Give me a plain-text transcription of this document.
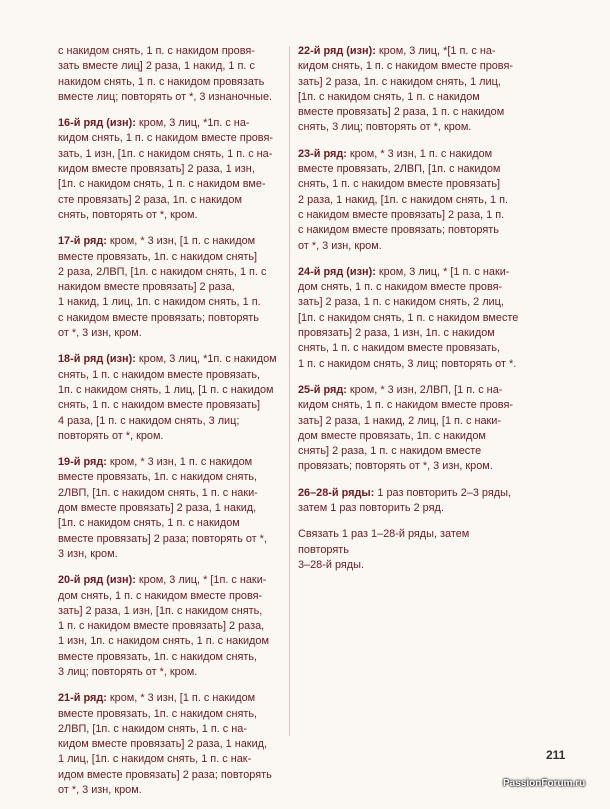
с накидом снять, 1 п. с накидом провя-
зать вместе лиц] 2 раза, 1 накид, 1 п. с
накидом снять, 1 п. с накидом провязать
вместе лиц; повторять от *, 3 изнаночные.

16-й ряд (изн): кром, 3 лиц, *1п. с на-
кидом снять, 1 п. с накидом вместе провя-
зать, 1 изн, [1п. с накидом снять, 1 п. с на-
кидом вместе провязать] 2 раза, 1 изн,
[1п. с накидом снять, 1 п. с накидом вме-
сте провязать] 2 раза, 1п. с накидом
снять, повторять от *, кром.

17-й ряд: кром, * 3 изн, [1 п. с накидом
вместе провязать, 1п. с накидом снять]
2 раза, 2ЛВП, [1п. с накидом снять, 1 п. с
накидом вместе провязать] 2 раза,
1 накид, 1 лиц, 1п. с накидом снять, 1 п.
с накидом вместе провязать; повторять
от *, 3 изн, кром.

18-й ряд (изн): кром, 3 лиц, *1п. с накидом
снять, 1 п. с накидом вместе провязать,
1п. с накидом снять, 1 лиц, [1 п. с накидом
снять, 1 п. с накидом вместе провязать]
4 раза, [1 п. с накидом снять, 3 лиц;
повторять от *, кром.

19-й ряд: кром, * 3 изн, 1 п. с накидом
вместе провязать, 1п. с накидом снять,
2ЛВП, [1п. с накидом снять, 1 п. с наки-
дом вместе провязать] 2 раза, 1 накид,
[1п. с накидом снять, 1 п. с накидом
вместе провязать] 2 раза; повторять от *,
3 изн, кром.

20-й ряд (изн): кром, 3 лиц, * [1п. с наки-
дом снять, 1 п. с накидом вместе провя-
зать] 2 раза, 1 изн, [1п. с накидом снять,
1 п. с накидом вместе провязать] 2 раза,
1 изн, 1п. с накидом снять, 1 п. с накидом
вместе провязать, 1п. с накидом снять,
3 лиц; повторять от *, кром.

21-й ряд: кром, * 3 изн, [1 п. с накидом
вместе провязать, 1п. с накидом снять,
2ЛВП, [1п. с накидом снять, 1 п. с на-
кидом вместе провязать] 2 раза, 1 накид,
1 лиц, [1п. с накидом снять, 1 п. с нак-
идом вместе провязать] 2 раза; повторять
от *, 3 изн, кром.

22-й ряд (изн): кром, 3 лиц, *[1 п. с на-
кидом снять, 1 п. с накидом вместе провя-
зать] 2 раза, 1п. с накидом снять, 1 лиц,
[1п. с накидом снять, 1 п. с накидом
вместе провязать] 2 раза, 1 п. с накидом
снять, 3 лиц; повторять от *, кром.

23-й ряд: кром, * 3 изн, 1 п. с накидом
вместе провязать, 2ЛВП, [1п. с накидом
снять, 1 п. с накидом вместе провязать]
2 раза, 1 накид, [1п. с накидом снять, 1 п.
с накидом вместе провязать] 2 раза, 1 п.
с накидом вместе провязать; повторять
от *, 3 изн, кром.

24-й ряд (изн): кром, 3 лиц, * [1 п. с наки-
дом снять, 1 п. с накидом вместе провя-
зать] 2 раза, 1 п. с накидом снять, 2 лиц,
[1п. с накидом снять, 1 п. с накидом вместе
провязать] 2 раза, 1 изн, 1п. с накидом
снять, 1 п. с накидом вместе провязать,
1 п. с накидом снять, 3 лиц; повторять от *.

25-й ряд: кром, * 3 изн, 2ЛВП, [1 п. с на-
кидом снять, 1 п. с накидом вместе провя-
зать] 2 раза, 1 накид, 2 лиц, [1 п. с наки-
дом вместе провязать, 1п. с накидом
снять] 2 раза, 1 п. с накидом вместе
провязать; повторять от *, 3 изн, кром.

26–28-й ряды: 1 раз повторить 2–3 ряды,
затем 1 раз повторить 2 ряд.

Связать 1 раз 1–28-й ряды, затем повторять
3–28-й ряды.

211
PassionForum.ru
